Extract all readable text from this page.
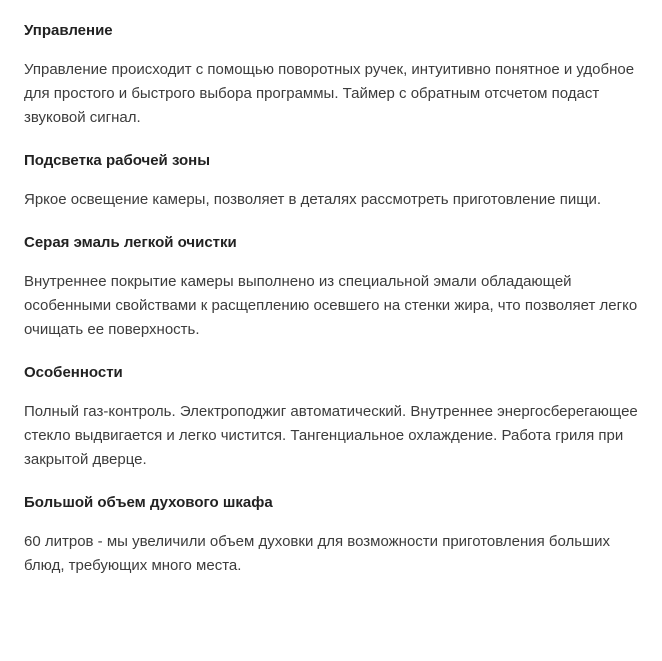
Управление

Управление происходит с помощью поворотных ручек, интуитивно понятное и удобное для простого и быстрого выбора программы. Таймер с обратным отсчетом подаст звуковой сигнал.

Подсветка рабочей зоны

Яркое освещение камеры, позволяет в деталях рассмотреть приготовление пищи.

Серая эмаль легкой очистки

Внутреннее покрытие камеры выполнено из специальной эмали обладающей особенными свойствами к расщеплению осевшего на стенки жира, что позволяет легко очищать ее поверхность.

Особенности

Полный газ-контроль. Электроподжиг автоматический. Внутреннее энергосберегающее стекло выдвигается и легко чистится. Тангенциальное охлаждение. Работа гриля при закрытой дверце.

Большой объем духового шкафа

60 литров - мы увеличили объем духовки для возможности приготовления больших блюд, требующих много места.
